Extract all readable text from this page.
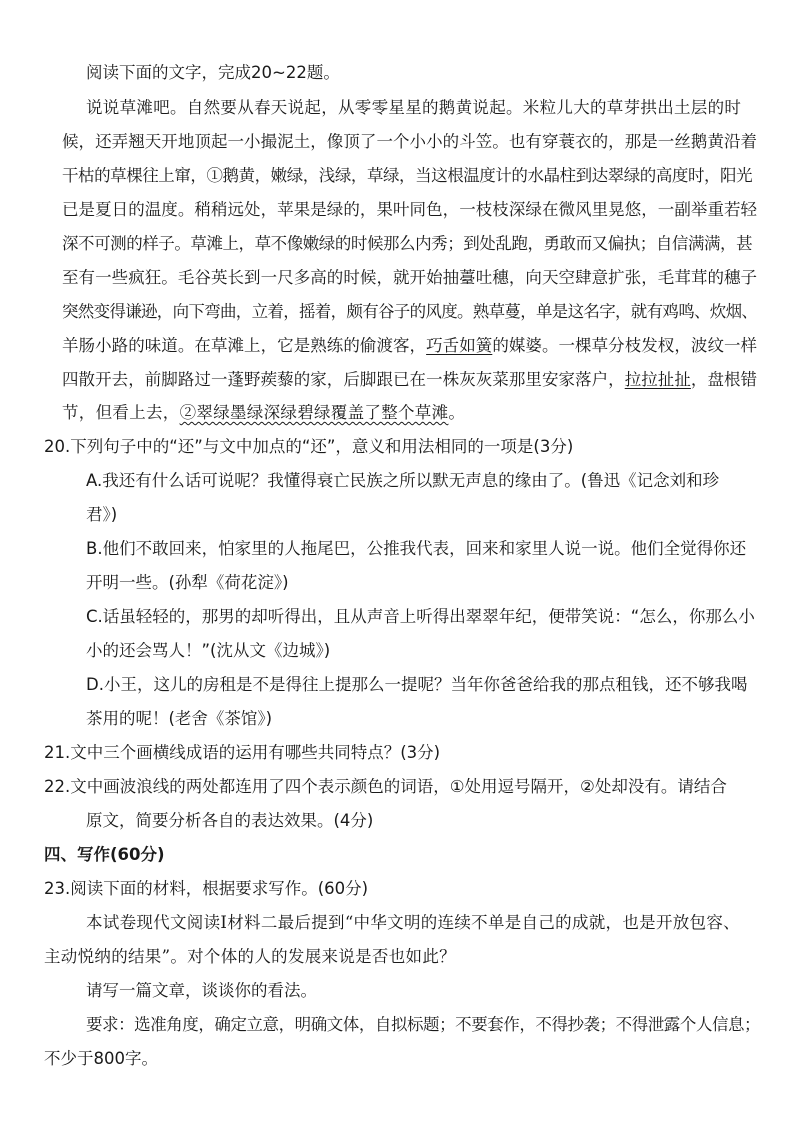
阅读下面的文字，完成20~22题。
说说草滩吧。自然要从春天说起，从零零星星的鹅黄说起。米粒儿大的草芽拱出土层的时
候，还弄翘天开地顶起一小撮泥土，像顶了一个小小的斗笠。也有穿蓑衣的，那是一丝鹅黄沿着
干枯的草棵往上窜，①鹅黄，嫩绿，浅绿，草绿，当这根温度计的水晶柱到达翠绿的高度时，阳光
已是夏日的温度。稍稍远处，苹果是绿的，果叶同色，一枝枝深绿在微风里晃悠，一副举重若轻
深不可测的样子。草滩上，草不像嫩绿的时候那么内秀；到处乱跑，勇敢而又偏执；自信满满，甚
至有一些疯狂。毛谷英长到一尺多高的时候，就开始抽薹吐穗，向天空肆意扩张，毛茸茸的穗子
突然变得谦逊，向下弯曲，立着，摇着，颇有谷子的风度。熟草蔓，单是这名字，就有鸡鸣、炊烟、
羊肠小路的味道。在草滩上，它是熟练的偷渡客，巧舌如簧的媒婆。一棵草分枝发杈，波纹一样
四散开去，前脚路过一蓬野蒺藜的家，后脚跟已在一株灰灰菜那里安家落户，拉拉扯扯，盘根错
节，但看上去，②翠绿墨绿深绿碧绿覆盖了整个草滩。
20.下列句子中的“还”与文中加点的“还”，意义和用法相同的一项是(3分)
A.我还有什么话可说呢？我懂得衰亡民族之所以默无声息的缘由了。(鲁迅《记念刘和珍
君》)
B.他们不敢回来，怕家里的人拖尾巴，公推我代表，回来和家里人说一说。他们全觉得你还
开明一些。(孙犁《荷花淀》)
C.话虽轻轻的，那男的却听得出，且从声音上听得出翠翠年纪，便带笑说：“怎么，你那么小
小的还会骂人！”(沈从文《边城》)
D.小王，这儿的房租是不是得往上提那么一提呢？当年你爸爸给我的那点租钱，还不够我喝
茶用的呢！(老舍《茶馆》)
21.文中三个画横线成语的运用有哪些共同特点？(3分)
22.文中画波浪线的两处都连用了四个表示颜色的词语，①处用逗号隔开，②处却没有。请结合
原文，简要分析各自的表达效果。(4分)
四、写作(60分)
23.阅读下面的材料，根据要求写作。(60分)
本试卷现代文阅读Ⅰ材料二最后提到“中华文明的连续不单是自己的成就，也是开放包容、
主动悦纳的结果”。对个体的人的发展来说是否也如此？
请写一篇文章，谈谈你的看法。
要求：选准角度，确定立意，明确文体，自拟标题；不要套作，不得抄袭；不得泄露个人信息；
不少于800字。
